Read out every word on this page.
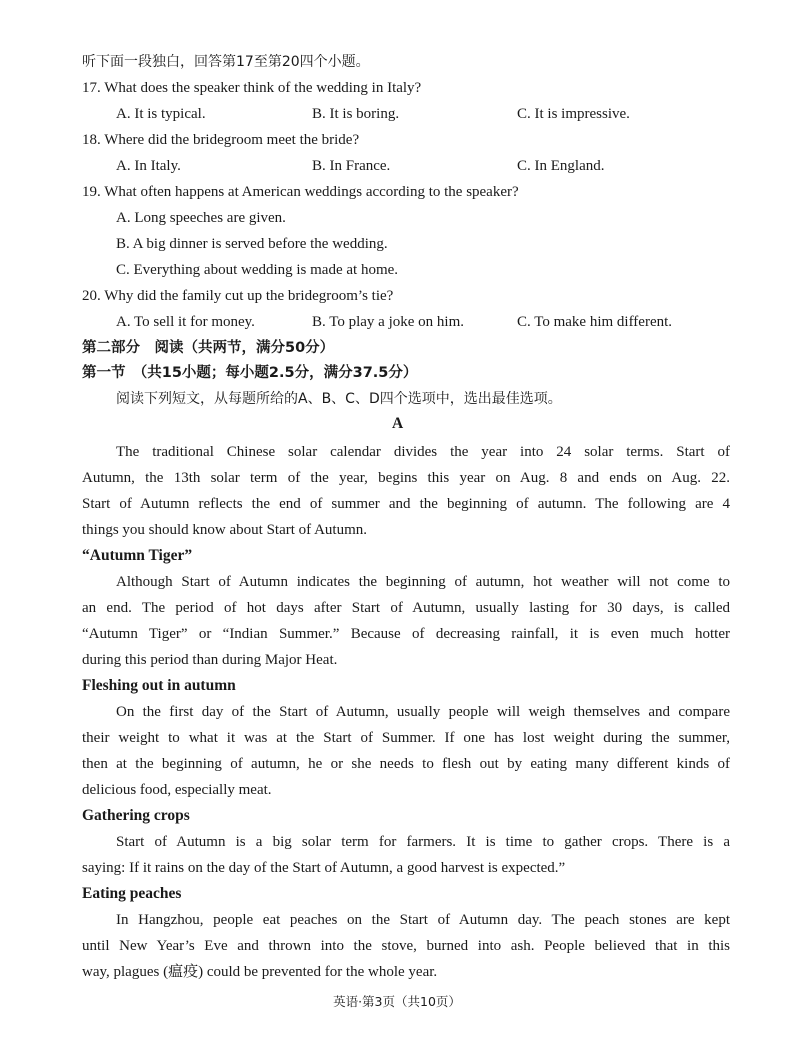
听下面一段独白，回答第17至第20四个小题。
17. What does the speaker think of the wedding in Italy?
A. It is typical.	B. It is boring.	C. It is impressive.
18. Where did the bridegroom meet the bride?
A. In Italy.	B. In France.	C. In England.
19. What often happens at American weddings according to the speaker?
A. Long speeches are given.
B. A big dinner is served before the wedding.
C. Everything about wedding is made at home.
20. Why did the family cut up the bridegroom’s tie?
A. To sell it for money.	B. To play a joke on him.	C. To make him different.
第二部分　阅读（共两节，满分50分）
第一节　（共15小题；每小题2.5分，满分37.5分）
阅读下列短文，从每题所给的A、B、C、D四个选项中，选出最佳选项。
A
The traditional Chinese solar calendar divides the year into 24 solar terms. Start of
Autumn, the 13th solar term of the year, begins this year on Aug. 8 and ends on Aug. 22.
Start of Autumn reflects the end of summer and the beginning of autumn. The following are 4
things you should know about Start of Autumn.
“Autumn Tiger”
Although Start of Autumn indicates the beginning of autumn, hot weather will not come to
an end. The period of hot days after Start of Autumn, usually lasting for 30 days, is called
“Autumn Tiger” or “Indian Summer.” Because of decreasing rainfall, it is even much hotter
during this period than during Major Heat.
Fleshing out in autumn
On the first day of the Start of Autumn, usually people will weigh themselves and compare
their weight to what it was at the Start of Summer. If one has lost weight during the summer,
then at the beginning of autumn, he or she needs to flesh out by eating many different kinds of
delicious food, especially meat.
Gathering crops
Start of Autumn is a big solar term for farmers. It is time to gather crops. There is a
saying: If it rains on the day of the Start of Autumn, a good harvest is expected.”
Eating peaches
In Hangzhou, people eat peaches on the Start of Autumn day. The peach stones are kept
until New Year’s Eve and thrown into the stove, burned into ash. People believed that in this
way, plagues (瘟疫) could be prevented for the whole year.
英语·第3页（共10页）
